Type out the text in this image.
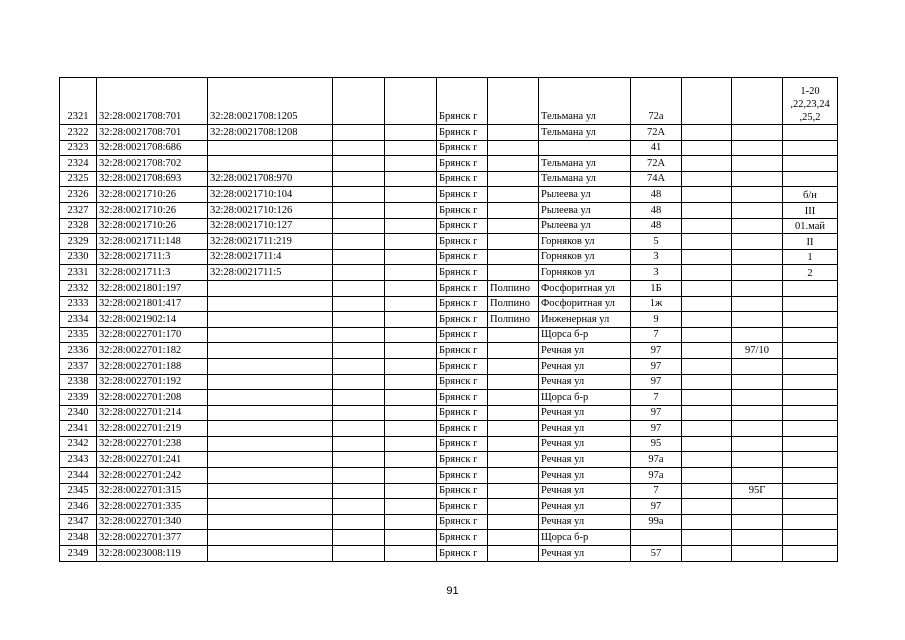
2321	32:28:0021708:701	32:28:0021708:1205			Брянск г		Тельмана ул	72а			1-20 ,22,23,24 ,25,2
2322	32:28:0021708:701	32:28:0021708:1208			Брянск г		Тельмана ул	72А			
2323	32:28:0021708:686				Брянск г			41			
2324	32:28:0021708:702				Брянск г		Тельмана ул	72А			
2325	32:28:0021708:693	32:28:0021708:970			Брянск г		Тельмана ул	74А			
2326	32:28:0021710:26	32:28:0021710:104			Брянск г		Рылеева ул	48			б/н
2327	32:28:0021710:26	32:28:0021710:126			Брянск г		Рылеева ул	48			III
2328	32:28:0021710:26	32:28:0021710:127			Брянск г		Рылеева ул	48			01.май
2329	32:28:0021711:148	32:28:0021711:219			Брянск г		Горняков ул	5			II
2330	32:28:0021711:3	32:28:0021711:4			Брянск г		Горняков ул	3			1
2331	32:28:0021711:3	32:28:0021711:5			Брянск г		Горняков ул	3			2
2332	32:28:0021801:197				Брянск г	Полпино	Фосфоритная ул	1Б			
2333	32:28:0021801:417				Брянск г	Полпино	Фосфоритная ул	1ж			
2334	32:28:0021902:14				Брянск г	Полпино	Инженерная ул	9			
2335	32:28:0022701:170				Брянск г		Щорса б-р	7			
2336	32:28:0022701:182				Брянск г		Речная ул	97		97/10	
2337	32:28:0022701:188				Брянск г		Речная ул	97			
2338	32:28:0022701:192				Брянск г		Речная ул	97			
2339	32:28:0022701:208				Брянск г		Щорса б-р	7			
2340	32:28:0022701:214				Брянск г		Речная ул	97			
2341	32:28:0022701:219				Брянск г		Речная ул	97			
2342	32:28:0022701:238				Брянск г		Речная ул	95			
2343	32:28:0022701:241				Брянск г		Речная ул	97а			
2344	32:28:0022701:242				Брянск г		Речная ул	97а			
2345	32:28:0022701:315				Брянск г		Речная ул	7		95Г	
2346	32:28:0022701:335				Брянск г		Речная ул	97			
2347	32:28:0022701:340				Брянск г		Речная ул	99а			
2348	32:28:0022701:377				Брянск г		Щорса б-р				
2349	32:28:0023008:119				Брянск г		Речная ул	57			
91
